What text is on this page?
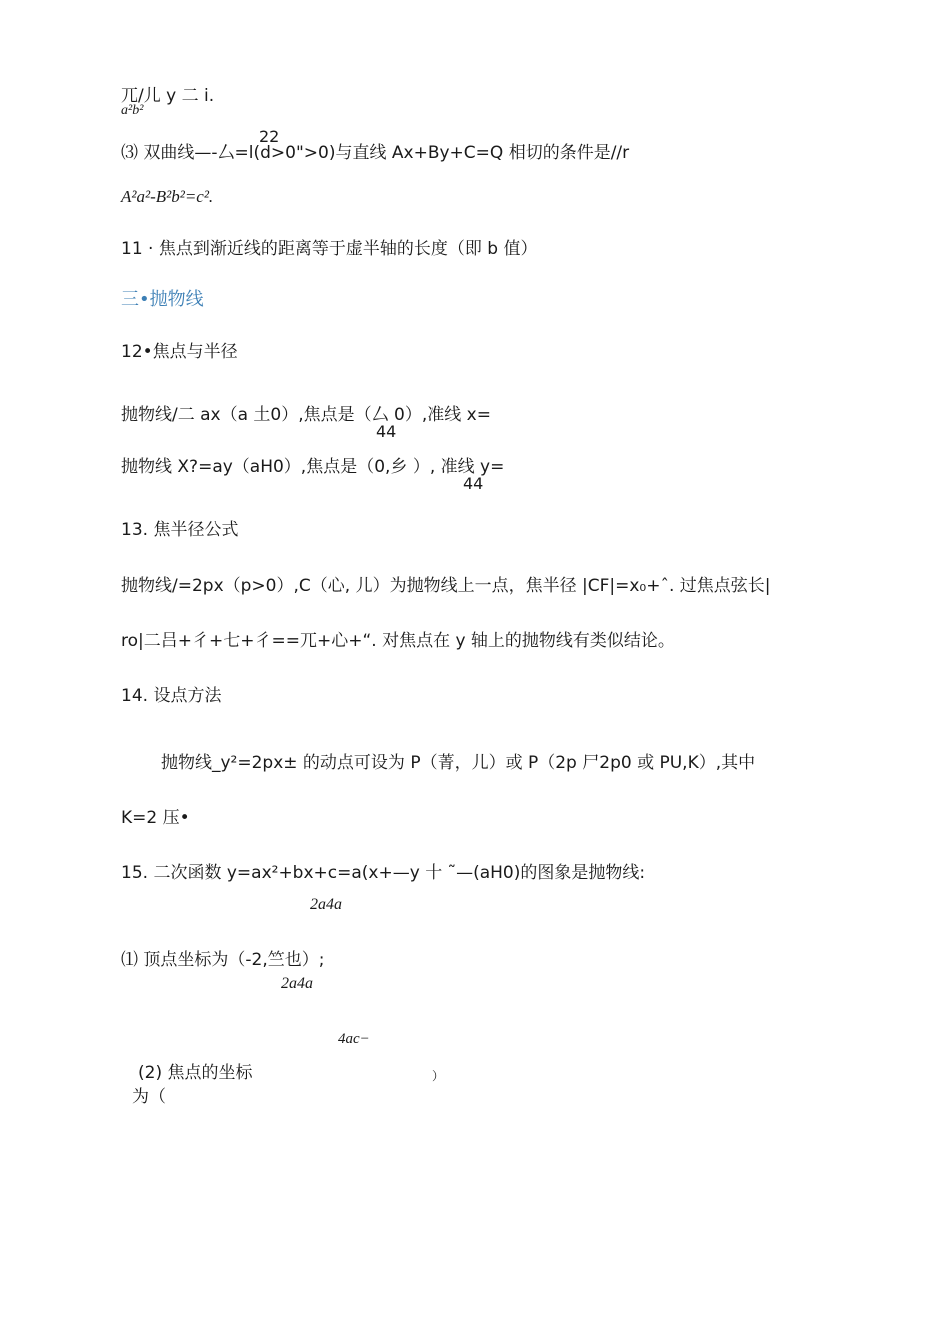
兀/儿 y 二 i.
a²b²
22
⑶ 双曲线—-厶=l(d>0">0)与直线 Ax+By+C=Q 相切的条件是//r
A²a²-B²b²=c².
11 · 焦点到渐近线的距离等于虚半轴的长度（即 b 值）
三•抛物线
12•焦点与半径
抛物线/二 ax（a 土0）,焦点是（厶 0）,准线 x=
44
抛物线 X?=ay（aH0）,焦点是（0,乡 ）, 准线 y=
44
13. 焦半径公式
抛物线/=2px（p>0）,C（心, 儿）为抛物线上一点，焦半径 |CF|=x₀+ˆ. 过焦点弦长|
ro|二吕+彳+七+彳==兀+心+“. 对焦点在 y 轴上的抛物线有类似结论。
14. 设点方法
抛物线_y²=2px± 的动点可设为 P（菁，儿）或 P（2p 尸2p0 或 PU,K）,其中
K=2 压•
15. 二次函数 y=ax²+bx+c=a(x+—y 十 ˜—(aH0)的图象是抛物线:
2a4a
⑴ 顶点坐标为（-2,竺也）;
2a4a
4ac−
(2) 焦点的坐标	）
为（
